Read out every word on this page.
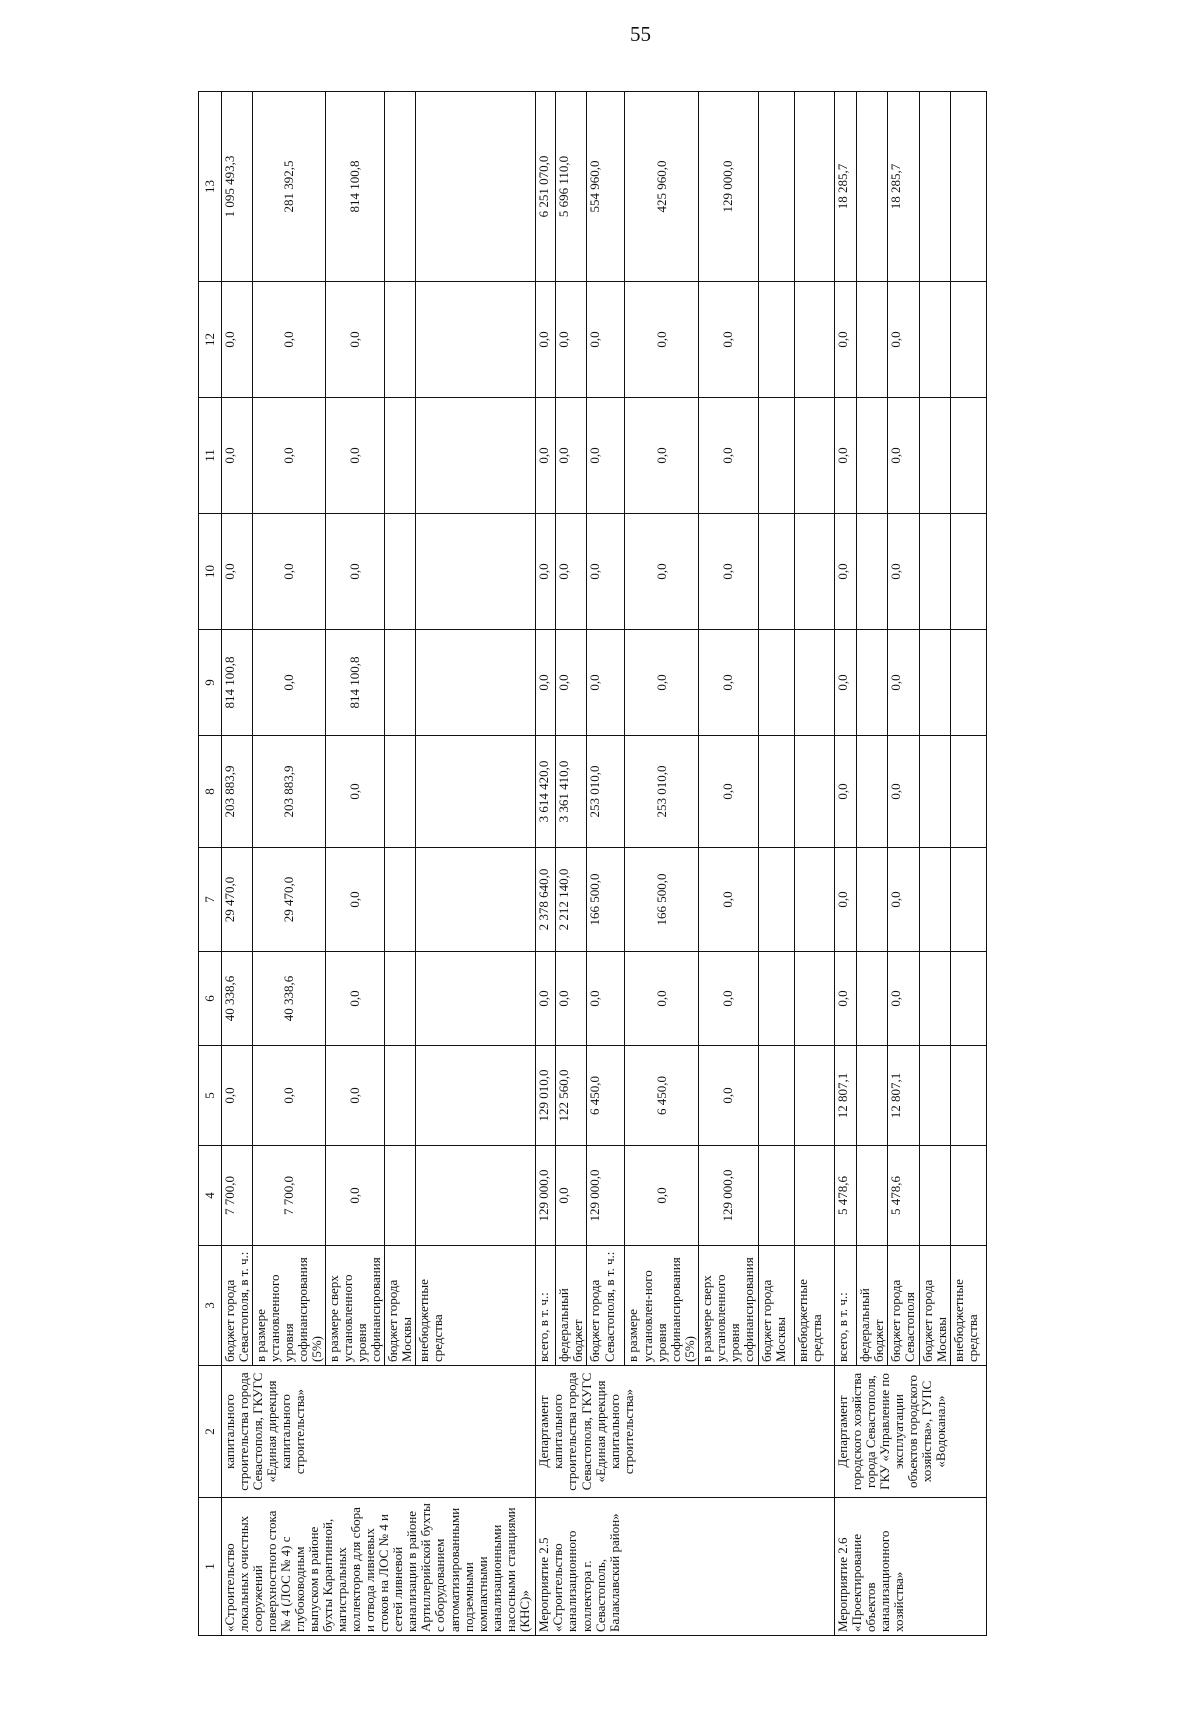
55
1	2	3	4	5	6	7	8	9	10	11	12	13
«Строительство локальных очистных сооружений поверхностного стока № 4 (ЛОС № 4) с глубоководным выпуском в районе бухты Карантинной, магистральных коллекторов для сбора и отвода ливневых стоков на ЛОС № 4 и сетей ливневой канализации в районе Артиллерийской бухты с оборудованием автоматизированными подземными компактными канализационными насосными станциями (КНС)»	капитального строительства города Севастополя, ГКУГС «Единая дирекция капитального строительства»	бюджет города Севастополя, в т. ч.:	7 700,0	0,0	40 338,6	29 470,0	203 883,9	814 100,8	0,0	0,0	0,0	1 095 493,3
		в размере установленного уровня софинансирования (5%)	7 700,0	0,0	40 338,6	29 470,0	203 883,9	0,0	0,0	0,0	0,0	281 392,5
		в размере сверх установленного уровня софинансирования	0,0	0,0	0,0	0,0	0,0	814 100,8	0,0	0,0	0,0	814 100,8
		бюджет города Москвы										
		внебюджетные средства										
Мероприятие 2.5 «Строительство канализационного коллектора г. Севастополь, Балаклавский район»	Департамент капитального строительства города Севастополя, ГКУГС «Единая дирекция капитального строительства»	всего, в т. ч.:	129 000,0	129 010,0	0,0	2 378 640,0	3 614 420,0	0,0	0,0	0,0	0,0	6 251 070,0
		федеральный бюджет	0,0	122 560,0	0,0	2 212 140,0	3 361 410,0	0,0	0,0	0,0	0,0	5 696 110,0
		бюджет города Севастополя, в т. ч.:	129 000,0	6 450,0	0,0	166 500,0	253 010,0	0,0	0,0	0,0	0,0	554 960,0
		в размере установлен-ного уровня софинансирования (5%)	0,0	6 450,0	0,0	166 500,0	253 010,0	0,0	0,0	0,0	0,0	425 960,0
		в размере сверх установленного уровня софинансирования	129 000,0	0,0	0,0	0,0	0,0	0,0	0,0	0,0	0,0	129 000,0
		бюджет города Москвы										
		внебюджетные средства										
Мероприятие 2.6 «Проектирование объектов канализационного хозяйства»	Департамент городского хозяйства города Севастополя, ГКУ «Управление по эксплуатации объектов городского хозяйства», ГУПС «Водоканал»	всего, в т. ч.:	5 478,6	12 807,1	0,0	0,0	0,0	0,0	0,0	0,0	0,0	18 285,7
		федеральный бюджет										
		бюджет города Севастополя	5 478,6	12 807,1	0,0	0,0	0,0	0,0	0,0	0,0	0,0	18 285,7
		бюджет города Москвы										
		внебюджетные средства										
